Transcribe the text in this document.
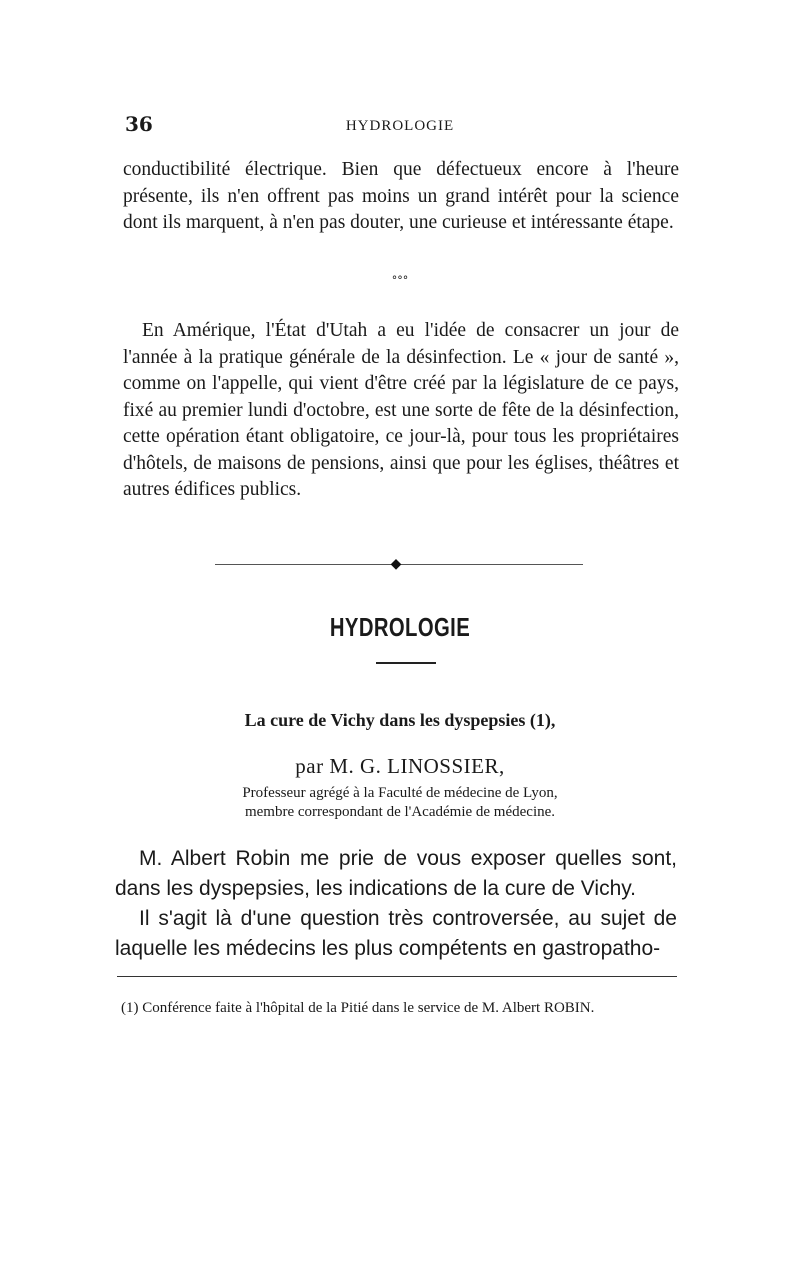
36	HYDROLOGIE

conductibilité électrique. Bien que défectueux encore à l'heure présente, ils n'en offrent pas moins un grand intérêt pour la science dont ils marquent, à n'en pas douter, une curieuse et intéressante étape.

°°°

En Amérique, l'État d'Utah a eu l'idée de consacrer un jour de l'année à la pratique générale de la désinfection. Le « jour de santé », comme on l'appelle, qui vient d'être créé par la législature de ce pays, fixé au premier lundi d'octobre, est une sorte de fête de la désinfection, cette opération étant obligatoire, ce jour-là, pour tous les propriétaires d'hôtels, de maisons de pensions, ainsi que pour les églises, théâtres et autres édifices publics.

◆
HYDROLOGIE

La cure de Vichy dans les dyspepsies (1),

par M. G. LINOSSIER,

Professeur agrégé à la Faculté de médecine de Lyon,

membre correspondant de l'Académie de médecine.

M. Albert Robin me prie de vous exposer quelles sont, dans les dyspepsies, les indications de la cure de Vichy.

Il s'agit là d'une question très controversée, au sujet de laquelle les médecins les plus compétents en gastropatho-

(1) Conférence faite à l'hôpital de la Pitié dans le service de M. Albert ROBIN.
